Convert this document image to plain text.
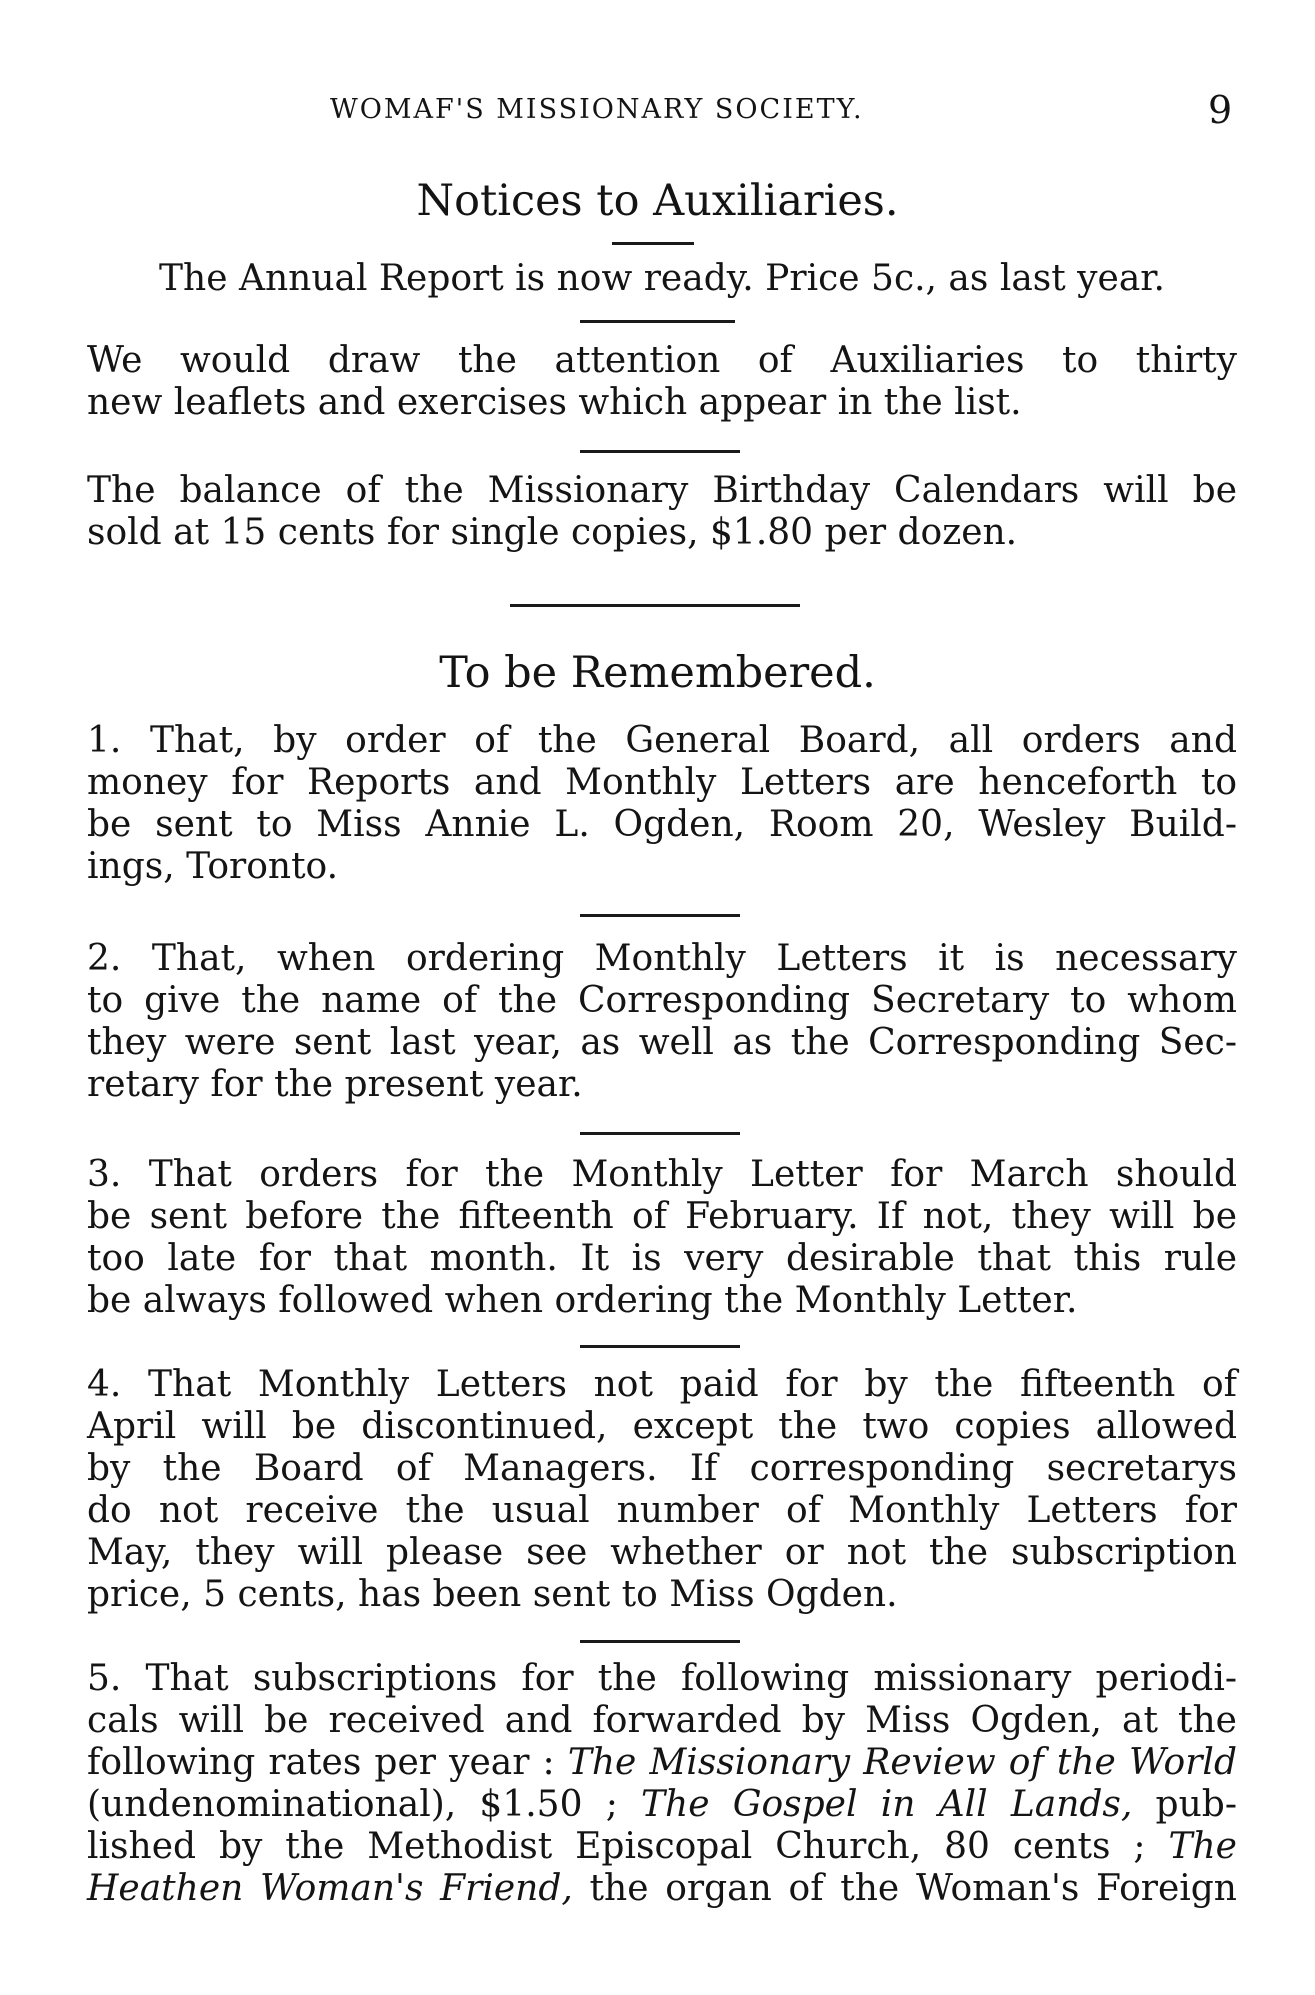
WOMAF'S MISSIONARY SOCIETY.	9
Notices to Auxiliaries.
The Annual Report is now ready. Price 5c., as last year.
We would draw the attention of Auxiliaries to thirty
new leaflets and exercises which appear in the list.
The balance of the Missionary Birthday Calendars will be
sold at 15 cents for single copies, $1.80 per dozen.
To be Remembered.
1. That, by order of the General Board, all orders and
money for Reports and Monthly Letters are henceforth to
be sent to Miss Annie L. Ogden, Room 20, Wesley Build-
ings, Toronto.
2. That, when ordering Monthly Letters it is necessary
to give the name of the Corresponding Secretary to whom
they were sent last year, as well as the Corresponding Sec-
retary for the present year.
3. That orders for the Monthly Letter for March should
be sent before the fifteenth of February. If not, they will be
too late for that month. It is very desirable that this rule
be always followed when ordering the Monthly Letter.
4. That Monthly Letters not paid for by the fifteenth of
April will be discontinued, except the two copies allowed
by the Board of Managers. If corresponding secretarys
do not receive the usual number of Monthly Letters for
May, they will please see whether or not the subscription
price, 5 cents, has been sent to Miss Ogden.
5. That subscriptions for the following missionary periodi-
cals will be received and forwarded by Miss Ogden, at the
following rates per year : The Missionary Review of the World
(undenominational), $1.50 ; The Gospel in All Lands, pub-
lished by the Methodist Episcopal Church, 80 cents ; The
Heathen Woman's Friend, the organ of the Woman's Foreign
